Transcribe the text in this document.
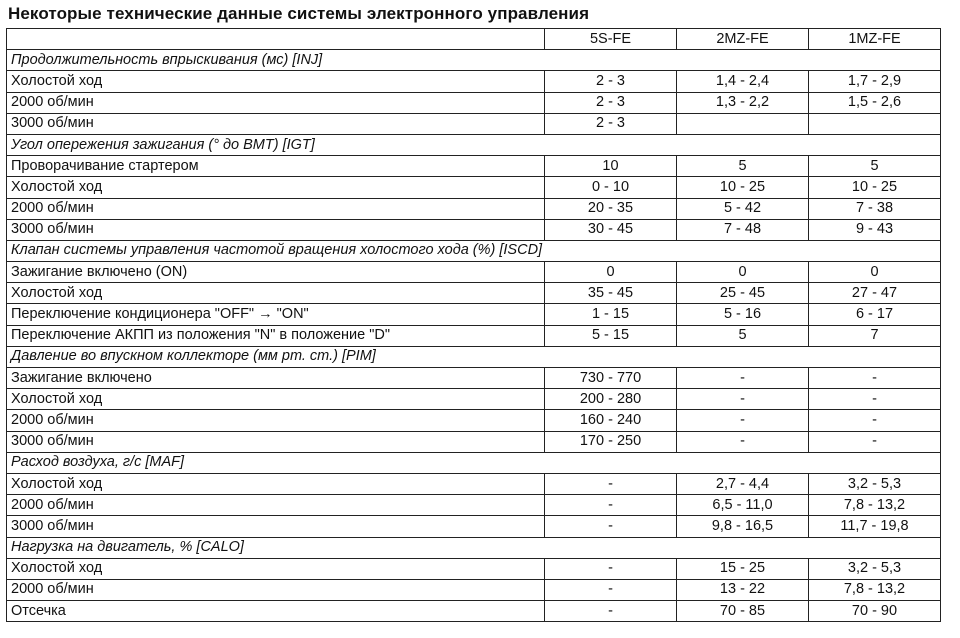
Некоторые технические данные системы электронного управления
	5S-FE	2MZ-FE	1MZ-FE
Продолжительность впрыскивания (мс) [INJ]			
Холостой ход	2 - 3	1,4 - 2,4	1,7 - 2,9
2000 об/мин	2 - 3	1,3 - 2,2	1,5 - 2,6
3000 об/мин	2 - 3		
Угол опережения зажигания (° до ВМТ) [IGT]			
Проворачивание стартером	10	5	5
Холостой ход	0 - 10	10 - 25	10 - 25
2000 об/мин	20 - 35	5 - 42	7 - 38
3000 об/мин	30 - 45	7 - 48	9 - 43
Клапан системы управления частотой вращения холостого хода (%) [ISCD]			
Зажигание включено (ON)	0	0	0
Холостой ход	35 - 45	25 - 45	27 - 47
Переключение кондиционера "OFF" → "ON"	1 - 15	5 - 16	6 - 17
Переключение АКПП из положения "N" в положение "D"	5 - 15	5	7
Давление во впускном коллекторе (мм рт. ст.) [PIM]			
Зажигание включено	730 - 770	-	-
Холостой ход	200 - 280	-	-
2000 об/мин	160 - 240	-	-
3000 об/мин	170 - 250	-	-
Расход воздуха, г/с [MAF]			
Холостой ход	-	2,7 - 4,4	3,2 - 5,3
2000 об/мин	-	6,5 - 11,0	7,8 - 13,2
3000 об/мин	-	9,8 - 16,5	11,7 - 19,8
Нагрузка на двигатель, % [CALO]			
Холостой ход	-	15 - 25	3,2 - 5,3
2000 об/мин	-	13 - 22	7,8 - 13,2
Отсечка	-	70 - 85	70 - 90
